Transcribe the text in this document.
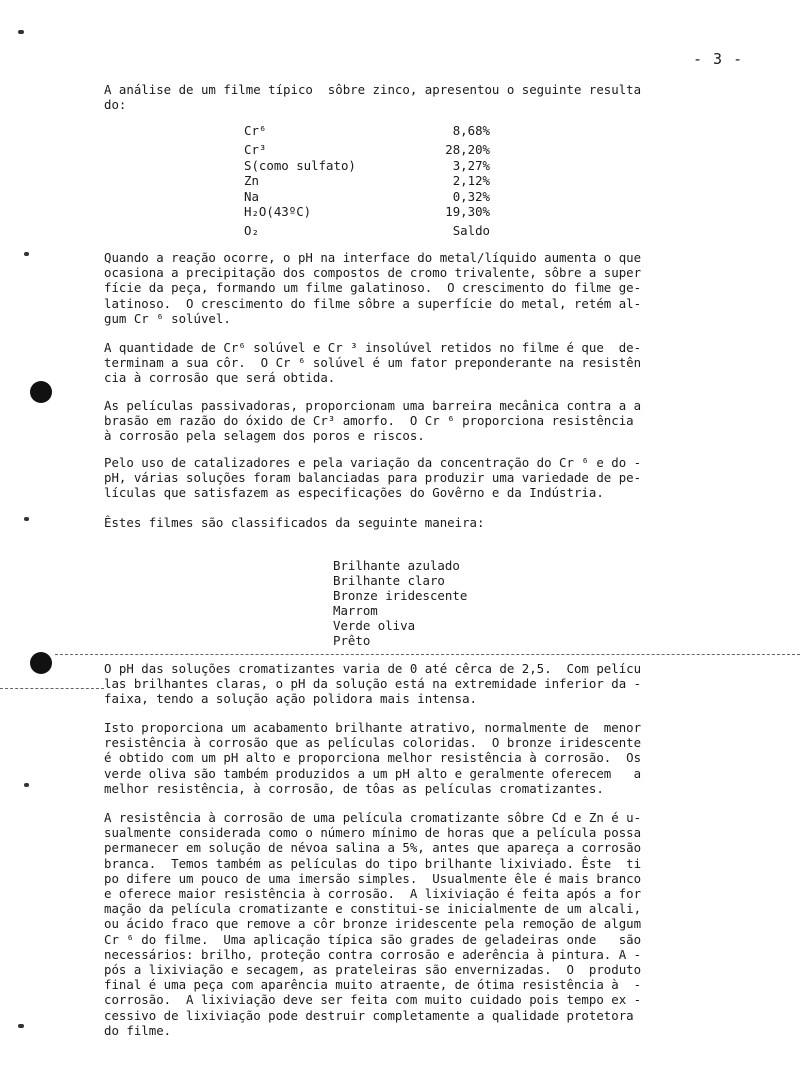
- 3 -

A análise de um filme típico  sôbre zinco, apresentou o seguinte resulta
do:

Cr⁶	8,68%
Cr³	28,20%
S(como sulfato)	3,27%
Zn	2,12%
Na	0,32%
H₂O(43ºC)	19,30%
O₂	Saldo

Quando a reação ocorre, o pH na interface do metal/líquido aumenta o que
ocasiona a precipitação dos compostos de cromo trivalente, sôbre a super
fície da peça, formando um filme galatinoso.  O crescimento do filme ge-
latinoso.  O crescimento do filme sôbre a superfície do metal, retém al-
gum Cr ⁶ solúvel.

A quantidade de Cr⁶ solúvel e Cr ³ insolúvel retidos no filme é que  de-
terminam a sua côr.  O Cr ⁶ solúvel é um fator preponderante na resistên
cia à corrosão que será obtida.

As películas passivadoras, proporcionam uma barreira mecânica contra a a
brasão em razão do óxido de Cr³ amorfo.  O Cr ⁶ proporciona resistência
à corrosão pela selagem dos poros e riscos.

Pelo uso de catalizadores e pela variação da concentração do Cr ⁶ e do -
pH, várias soluções foram balanciadas para produzir uma variedade de pe-
lículas que satisfazem as especificações do Govêrno e da Indústria.

Êstes filmes são classificados da seguinte maneira:

Brilhante azulado
Brilhante claro
Bronze iridescente
Marrom
Verde oliva
Prêto

O pH das soluções cromatizantes varia de 0 até cêrca de 2,5.  Com pelícu
las brilhantes claras, o pH da solução está na extremidade inferior da -
faixa, tendo a solução ação polidora mais intensa.

Isto proporciona um acabamento brilhante atrativo, normalmente de  menor
resistência à corrosão que as películas coloridas.  O bronze iridescente
é obtido com um pH alto e proporciona melhor resistência à corrosão.  Os
verde oliva são também produzidos a um pH alto e geralmente oferecem   a
melhor resistência, à corrosão, de tôas as películas cromatizantes.

A resistência à corrosão de uma película cromatizante sôbre Cd e Zn é u-
sualmente considerada como o número mínimo de horas que a película possa
permanecer em solução de névoa salina a 5%, antes que apareça a corrosão
branca.  Temos também as películas do tipo brilhante lixiviado. Êste  ti
po difere um pouco de uma imersão simples.  Usualmente êle é mais branco
e oferece maior resistência à corrosão.  A lixiviação é feita após a for
mação da película cromatizante e constitui-se inicialmente de um alcali,
ou ácido fraco que remove a côr bronze iridescente pela remoção de algum
Cr ⁶ do filme.  Uma aplicação típica são grades de geladeiras onde   são
necessários: brilho, proteção contra corrosão e aderência à pintura. A -
pós a lixiviação e secagem, as prateleiras são envernizadas.  O  produto
final é uma peça com aparência muito atraente, de ótima resistência à  -
corrosão.  A lixiviação deve ser feita com muito cuidado pois tempo ex -
cessivo de lixiviação pode destruir completamente a qualidade protetora
do filme.
